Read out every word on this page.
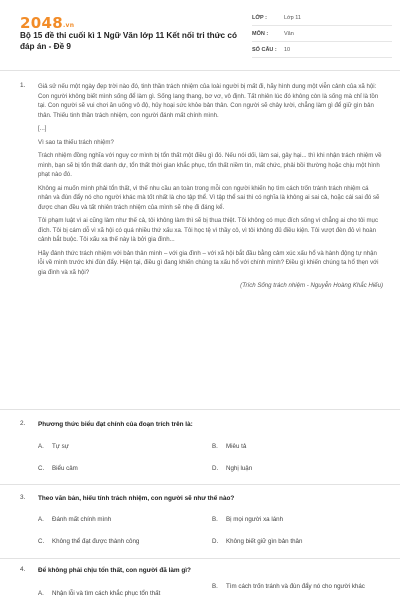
2048.vn
Bộ 15 đề thi cuối kì 1 Ngữ Văn lớp 11 Kết nối tri thức có đáp án - Đề 9
LỚP :	Lớp 11
MÔN :	Văn
SỐ CÂU :	10
1. Giả sử nếu một ngày đẹp trời nào đó, tinh thần trách nhiệm của loài người bị mất đi, hãy hình dung một viễn cảnh của xã hội: Con người không biết mình sống để làm gì. Sống lang thang, bơ vơ, vô định. Tất nhiên lúc đó không còn là sống mà chỉ là tồn tại. Con người sẽ vui chơi ăn uống vô độ, hủy hoại sức khỏe bản thân. Con người sẽ chây lười, chẳng làm gì để giữ gìn bản thân. Thiếu tinh thần trách nhiệm, con người đánh mất chính mình.

[...]

Vì sao ta thiếu trách nhiệm?

Trách nhiệm đồng nghĩa với nguy cơ mình bị tổn thất một điều gì đó. Nếu nói dối, làm sai, gây hại... thì khi nhận trách nhiệm về mình, bạn sẽ bị tổn thất danh dự, tổn thất thời gian khắc phục, tổn thất niềm tin, mất chức, phải bồi thường hoặc chịu một hình phạt nào đó.

Không ai muốn mình phải tổn thất, vì thế nhu cầu an toàn trong mỗi con người khiến họ tìm cách trốn tránh trách nhiệm cá nhân và đùn đẩy nó cho người khác mà tốt nhất là cho tập thể. Vì tập thể sai thì có nghĩa là không ai sai cả, hoặc cái sai đó sẽ được chan đều và tất nhiên trách nhiệm của mình sẽ nhẹ đi đáng kể.

Tôi phạm luật vì ai cũng làm như thế cả, tôi không làm thì sẽ bị thua thiệt. Tôi không có mục đích sống vì chẳng ai cho tôi mục đích. Tôi bị cám dỗ vì xã hội có quá nhiều thứ xấu xa. Tôi học tệ vì thầy cô, vì tôi không đủ điều kiện. Tôi vượt đèn đỏ vì hoàn cảnh bắt buộc. Tôi xấu xa thế này là bởi gia đình...

Hãy đánh thức trách nhiệm với bản thân mình – với gia đình – với xã hội bắt đầu bằng cảm xúc xấu hổ và hành động tự nhận lỗi về mình trước khi đùn đẩy. Hiện tại, điều gì đang khiến chúng ta xấu hổ với chính mình? Điều gì khiến chúng ta hổ thẹn với gia đình và xã hội?

(Trích Sống trách nhiệm - Nguyễn Hoàng Khắc Hiếu)

2. Phương thức biểu đạt chính của đoạn trích trên là:
A. Tự sự	B. Miêu tả
C. Biểu cảm	D. Nghị luận
3. Theo văn bản, hiếu tính trách nhiệm, con người sẽ như thế nào?
A. Đánh mất chính mình	B. Bị mọi người xa lánh
C. Không thể đạt được thành công	D. Không biết giữ gìn bản thân
4. Để không phải chịu tổn thất, con người đã làm gì?
A. Nhận lỗi và tìm cách khắc phục tổn thất
B. Tìm cách trốn tránh và đùn đẩy nó cho người khác
